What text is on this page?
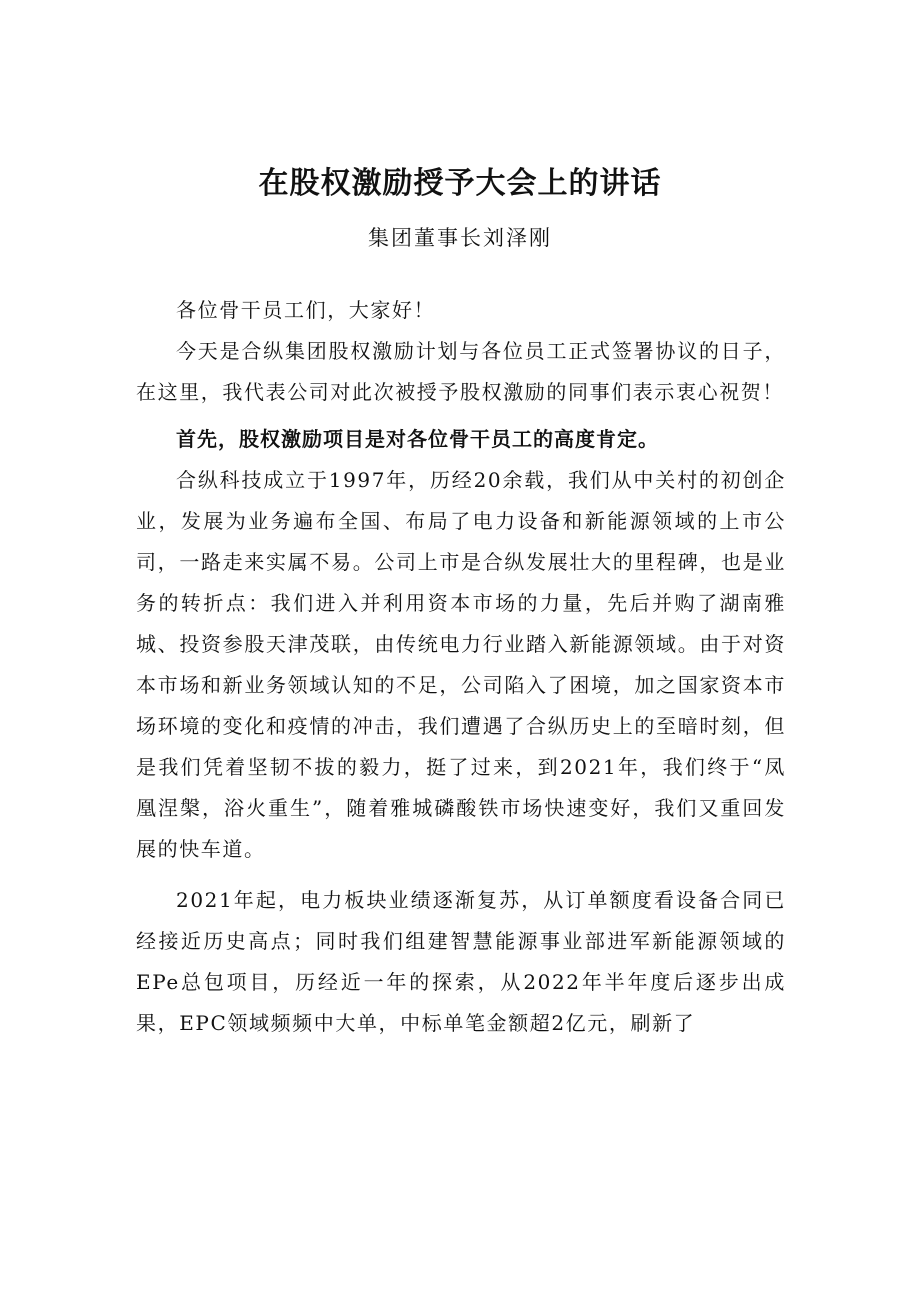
在股权激励授予大会上的讲话
集团董事长刘泽刚

各位骨干员工们，大家好！

今天是合纵集团股权激励计划与各位员工正式签署协议的日子，在这里，我代表公司对此次被授予股权激励的同事们表示衷心祝贺！

首先，股权激励项目是对各位骨干员工的高度肯定。

合纵科技成立于1997年，历经20余载，我们从中关村的初创企业，发展为业务遍布全国、布局了电力设备和新能源领域的上市公司，一路走来实属不易。公司上市是合纵发展壮大的里程碑，也是业务的转折点：我们进入并利用资本市场的力量，先后并购了湖南雅城、投资参股天津茂联，由传统电力行业踏入新能源领域。由于对资本市场和新业务领域认知的不足，公司陷入了困境，加之国家资本市场环境的变化和疫情的冲击，我们遭遇了合纵历史上的至暗时刻，但是我们凭着坚韧不拔的毅力，挺了过来，到2021年，我们终于“凤凰涅槃，浴火重生”，随着雅城磷酸铁市场快速变好，我们又重回发展的快车道。

2021年起，电力板块业绩逐渐复苏，从订单额度看设备合同已经接近历史高点；同时我们组建智慧能源事业部进军新能源领域的EPe总包项目，历经近一年的探索，从2022年半年度后逐步出成果，EPC领域频频中大单，中标单笔金额超2亿元，刷新了
